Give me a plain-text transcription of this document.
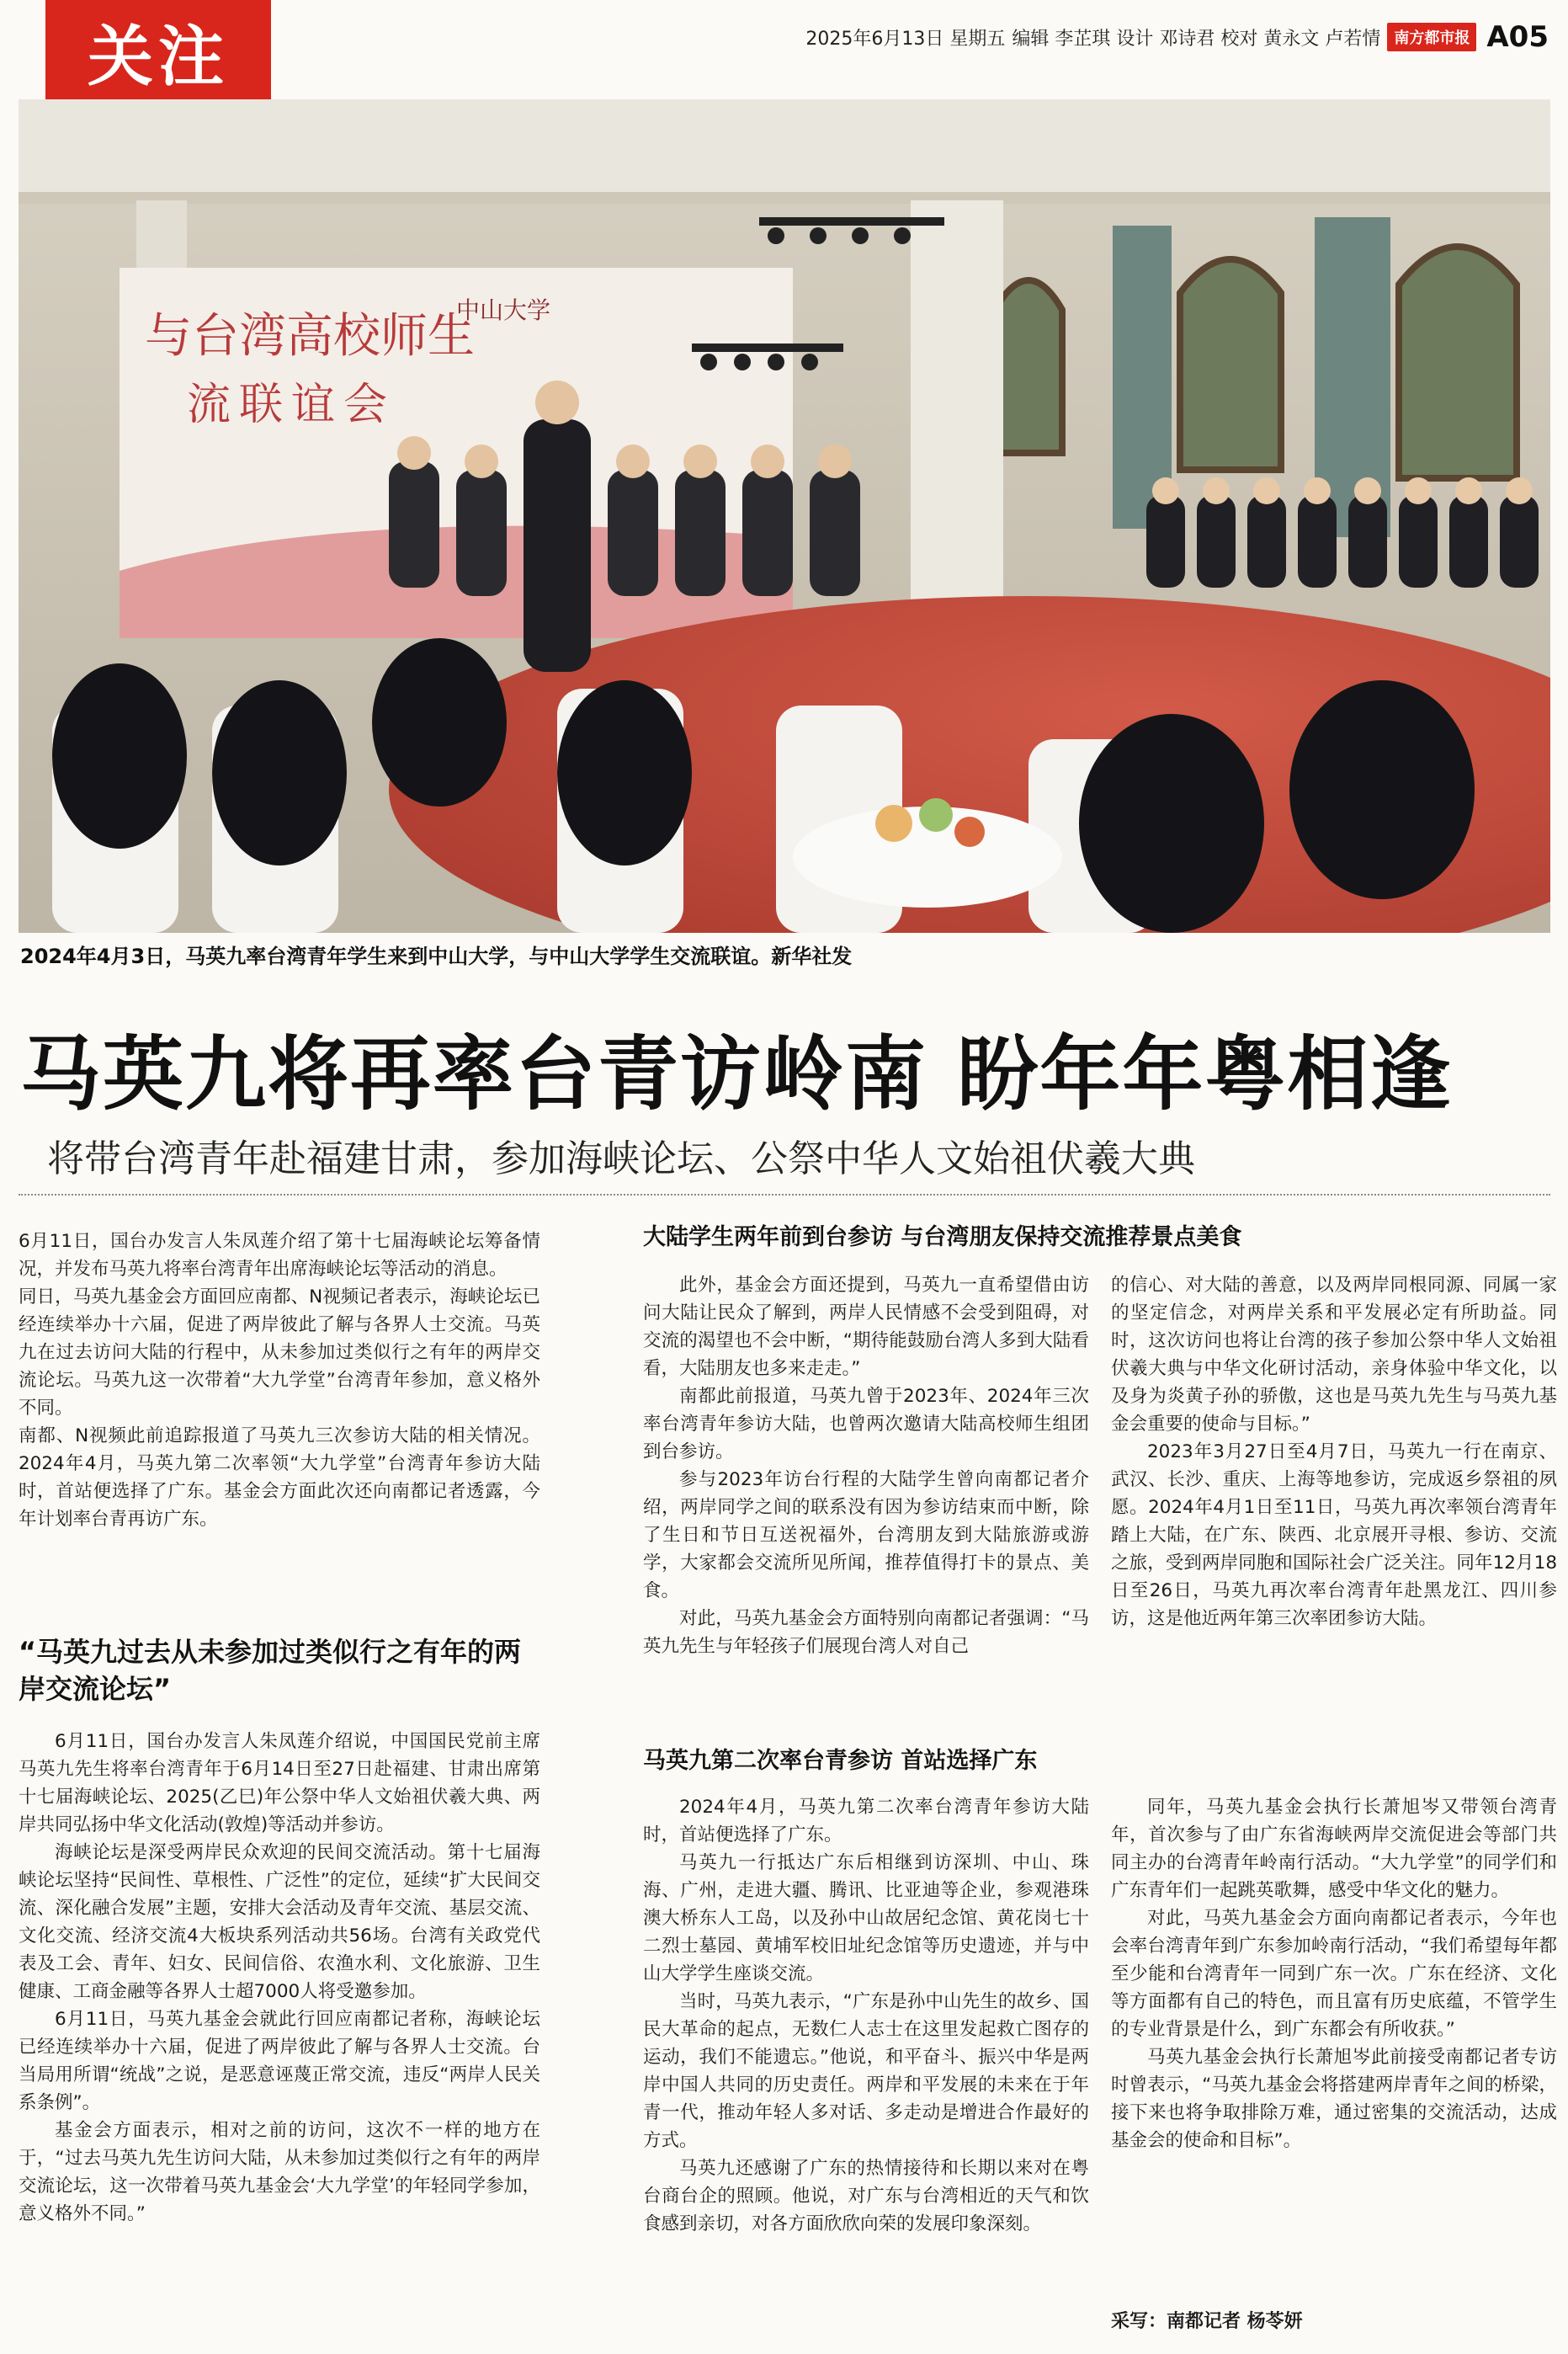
关注	2025年6月13日 星期五 编辑 李芷琪 设计 邓诗君 校对 黄永文 卢若情 南方都市报 A05
与台湾高校师生
流联谊会
中山大学
2024年4月3日，马英九率台湾青年学生来到中山大学，与中山大学学生交流联谊。新华社发
马英九将再率台青访岭南 盼年年粤相逢
将带台湾青年赴福建甘肃，参加海峡论坛、公祭中华人文始祖伏羲大典

6月11日，国台办发言人朱凤莲介绍了第十七届海峡论坛筹备情况，并发布马英九将率台湾青年出席海峡论坛等活动的消息。

同日，马英九基金会方面回应南都、N视频记者表示，海峡论坛已经连续举办十六届，促进了两岸彼此了解与各界人士交流。马英九在过去访问大陆的行程中，从未参加过类似行之有年的两岸交流论坛。马英九这一次带着“大九学堂”台湾青年参加，意义格外不同。

南都、N视频此前追踪报道了马英九三次参访大陆的相关情况。2024年4月，马英九第二次率领“大九学堂”台湾青年参访大陆时，首站便选择了广东。基金会方面此次还向南都记者透露，今年计划率台青再访广东。

“马英九过去从未参加过类似行之有年的两岸交流论坛”

6月11日，国台办发言人朱凤莲介绍说，中国国民党前主席马英九先生将率台湾青年于6月14日至27日赴福建、甘肃出席第十七届海峡论坛、2025(乙巳)年公祭中华人文始祖伏羲大典、两岸共同弘扬中华文化活动(敦煌)等活动并参访。

海峡论坛是深受两岸民众欢迎的民间交流活动。第十七届海峡论坛坚持“民间性、草根性、广泛性”的定位，延续“扩大民间交流、深化融合发展”主题，安排大会活动及青年交流、基层交流、文化交流、经济交流4大板块系列活动共56场。台湾有关政党代表及工会、青年、妇女、民间信俗、农渔水利、文化旅游、卫生健康、工商金融等各界人士超7000人将受邀参加。

6月11日，马英九基金会就此行回应南都记者称，海峡论坛已经连续举办十六届，促进了两岸彼此了解与各界人士交流。台当局用所谓“统战”之说，是恶意诬蔑正常交流，违反“两岸人民关系条例”。

基金会方面表示，相对之前的访问，这次不一样的地方在于，“过去马英九先生访问大陆，从未参加过类似行之有年的两岸交流论坛，这一次带着马英九基金会‘大九学堂’的年轻同学参加，意义格外不同。”

大陆学生两年前到台参访 与台湾朋友保持交流推荐景点美食

此外，基金会方面还提到，马英九一直希望借由访问大陆让民众了解到，两岸人民情感不会受到阻碍，对交流的渴望也不会中断，“期待能鼓励台湾人多到大陆看看，大陆朋友也多来走走。”

南都此前报道，马英九曾于2023年、2024年三次率台湾青年参访大陆，也曾两次邀请大陆高校师生组团到台参访。

参与2023年访台行程的大陆学生曾向南都记者介绍，两岸同学之间的联系没有因为参访结束而中断，除了生日和节日互送祝福外，台湾朋友到大陆旅游或游学，大家都会交流所见所闻，推荐值得打卡的景点、美食。

对此，马英九基金会方面特别向南都记者强调：“马英九先生与年轻孩子们展现台湾人对自己

的信心、对大陆的善意，以及两岸同根同源、同属一家的坚定信念，对两岸关系和平发展必定有所助益。同时，这次访问也将让台湾的孩子参加公祭中华人文始祖伏羲大典与中华文化研讨活动，亲身体验中华文化，以及身为炎黄子孙的骄傲，这也是马英九先生与马英九基金会重要的使命与目标。”

2023年3月27日至4月7日，马英九一行在南京、武汉、长沙、重庆、上海等地参访，完成返乡祭祖的夙愿。2024年4月1日至11日，马英九再次率领台湾青年踏上大陆，在广东、陕西、北京展开寻根、参访、交流之旅，受到两岸同胞和国际社会广泛关注。同年12月18日至26日，马英九再次率台湾青年赴黑龙江、四川参访，这是他近两年第三次率团参访大陆。

马英九第二次率台青参访 首站选择广东

2024年4月，马英九第二次率台湾青年参访大陆时，首站便选择了广东。

马英九一行抵达广东后相继到访深圳、中山、珠海、广州，走进大疆、腾讯、比亚迪等企业，参观港珠澳大桥东人工岛，以及孙中山故居纪念馆、黄花岗七十二烈士墓园、黄埔军校旧址纪念馆等历史遗迹，并与中山大学学生座谈交流。

当时，马英九表示，“广东是孙中山先生的故乡、国民大革命的起点，无数仁人志士在这里发起救亡图存的运动，我们不能遗忘。”他说，和平奋斗、振兴中华是两岸中国人共同的历史责任。两岸和平发展的未来在于年青一代，推动年轻人多对话、多走动是增进合作最好的方式。

马英九还感谢了广东的热情接待和长期以来对在粤台商台企的照顾。他说，对广东与台湾相近的天气和饮食感到亲切，对各方面欣欣向荣的发展印象深刻。

同年，马英九基金会执行长萧旭岑又带领台湾青年，首次参与了由广东省海峡两岸交流促进会等部门共同主办的台湾青年岭南行活动。“大九学堂”的同学们和广东青年们一起跳英歌舞，感受中华文化的魅力。

对此，马英九基金会方面向南都记者表示，今年也会率台湾青年到广东参加岭南行活动，“我们希望每年都至少能和台湾青年一同到广东一次。广东在经济、文化等方面都有自己的特色，而且富有历史底蕴，不管学生的专业背景是什么，到广东都会有所收获。”

马英九基金会执行长萧旭岑此前接受南都记者专访时曾表示，“马英九基金会将搭建两岸青年之间的桥梁，接下来也将争取排除万难，通过密集的交流活动，达成基金会的使命和目标”。

采写：南都记者 杨苓妍
